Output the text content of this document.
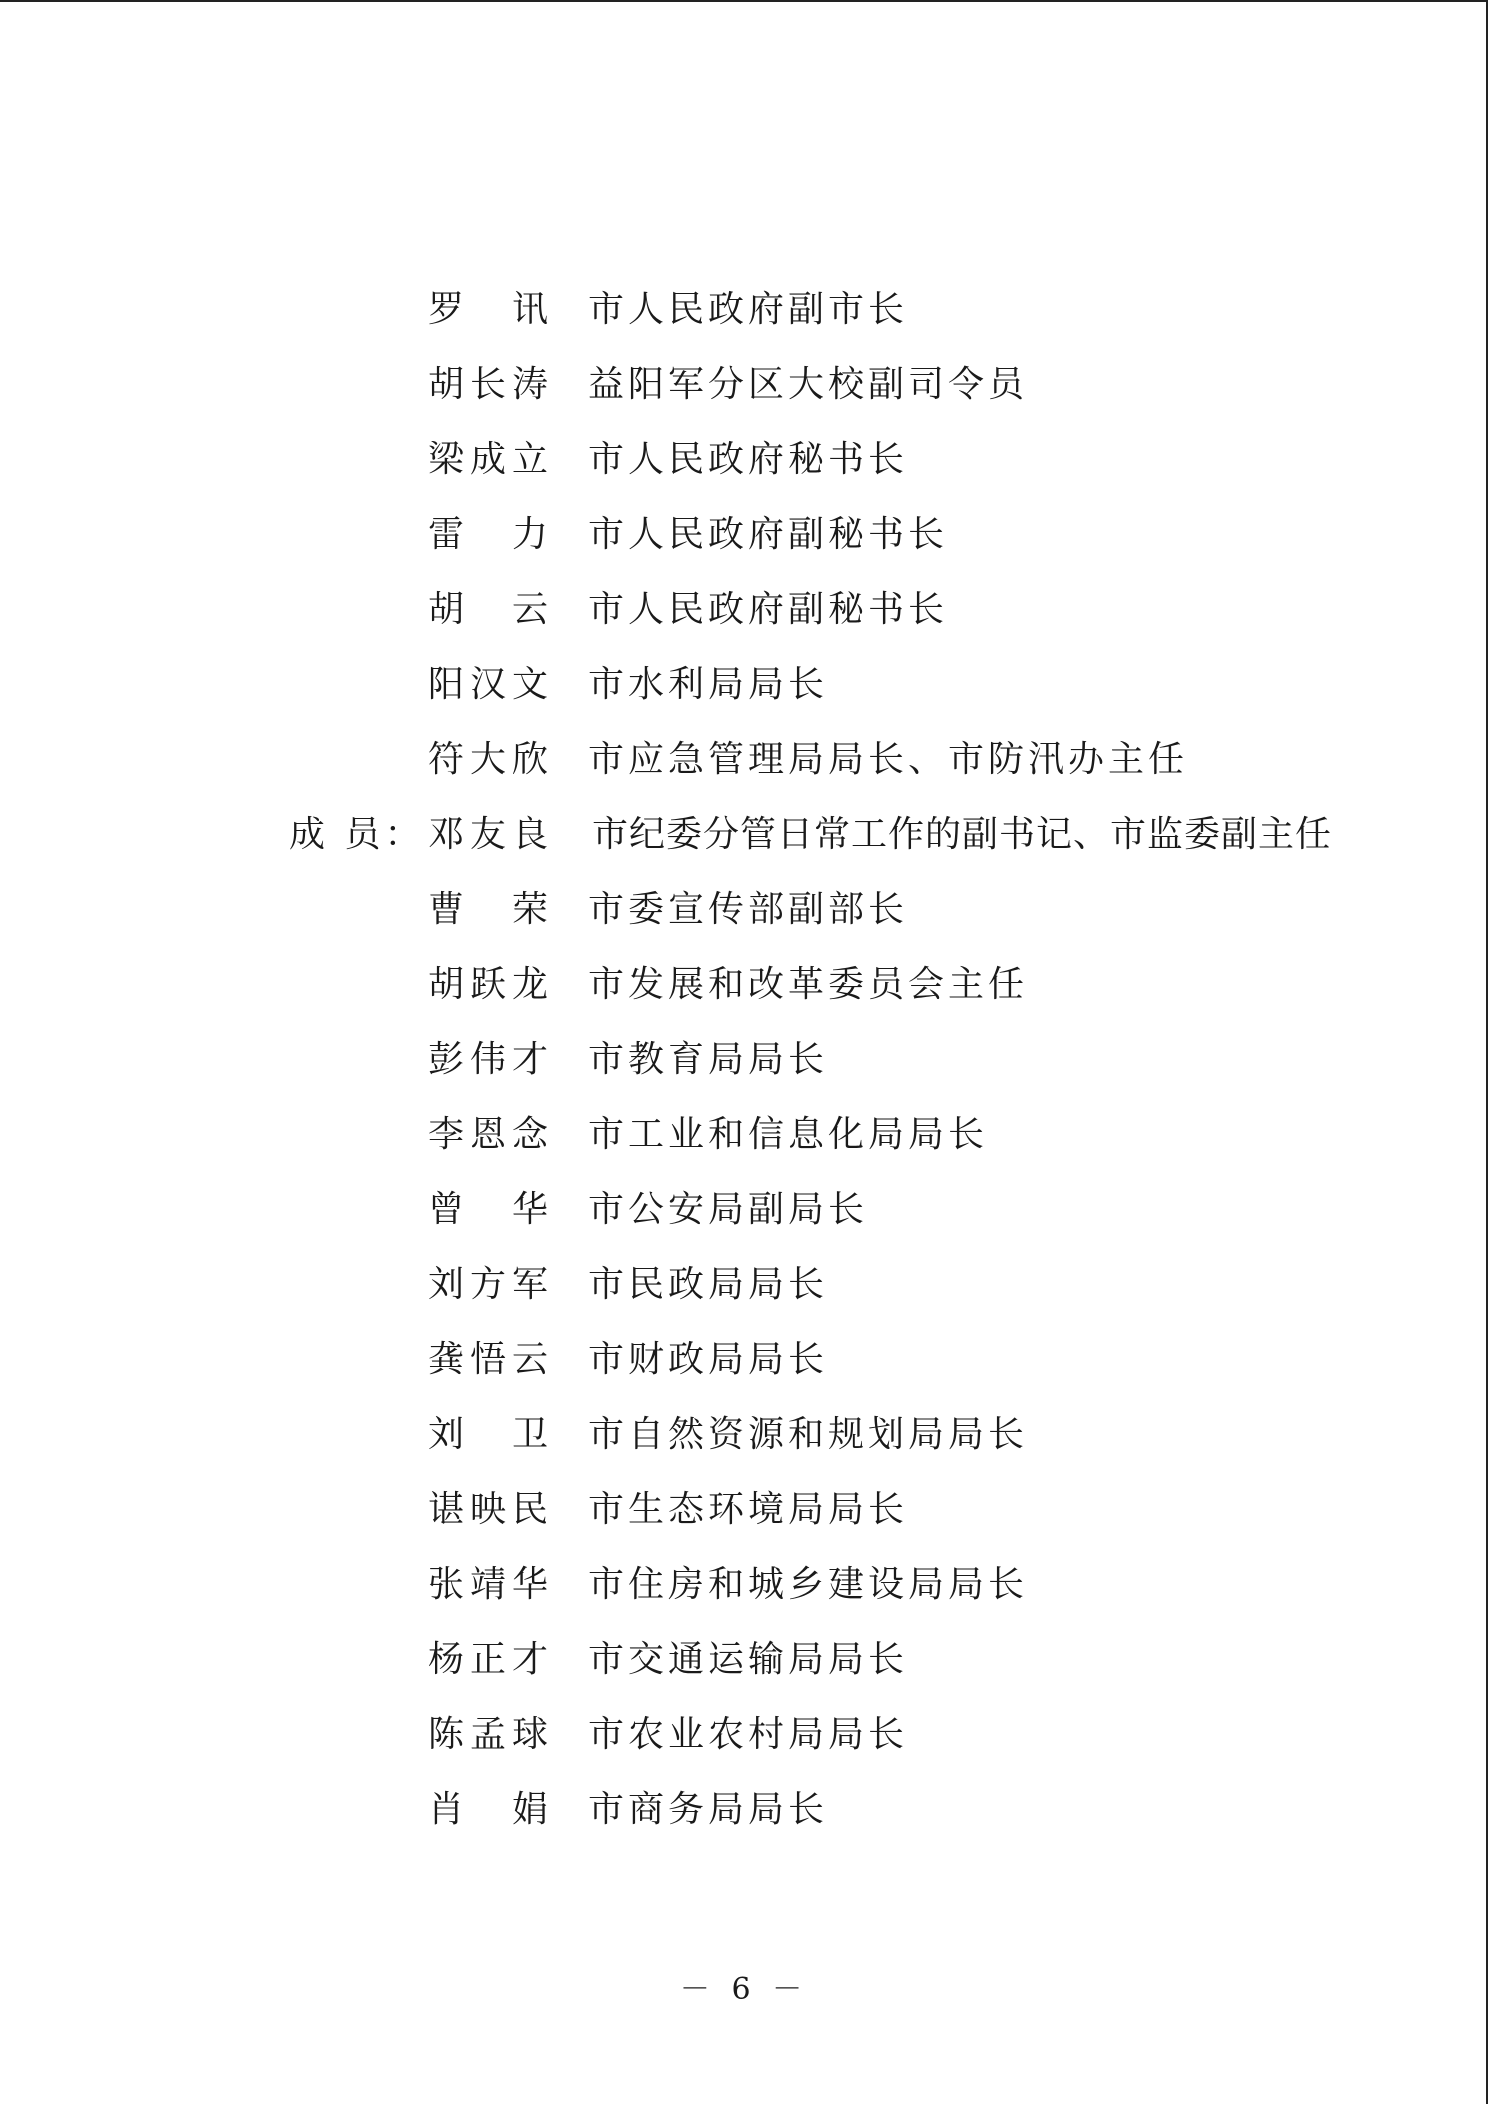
罗 讯 市人民政府副市长
胡长涛 益阳军分区大校副司令员
梁成立 市人民政府秘书长
雷 力 市人民政府副秘书长
胡 云 市人民政府副秘书长
阳汉文 市水利局局长
符大欣 市应急管理局局长、市防汛办主任
成 员： 邓友良 市纪委分管日常工作的副书记、市监委副主任
曹 荣 市委宣传部副部长
胡跃龙 市发展和改革委员会主任
彭伟才 市教育局局长
李恩念 市工业和信息化局局长
曾 华 市公安局副局长
刘方军 市民政局局长
龚悟云 市财政局局长
刘 卫 市自然资源和规划局局长
谌映民 市生态环境局局长
张靖华 市住房和城乡建设局局长
杨正才 市交通运输局局长
陈孟球 市农业农村局局长
肖 娟 市商务局局长
－ 6 －
